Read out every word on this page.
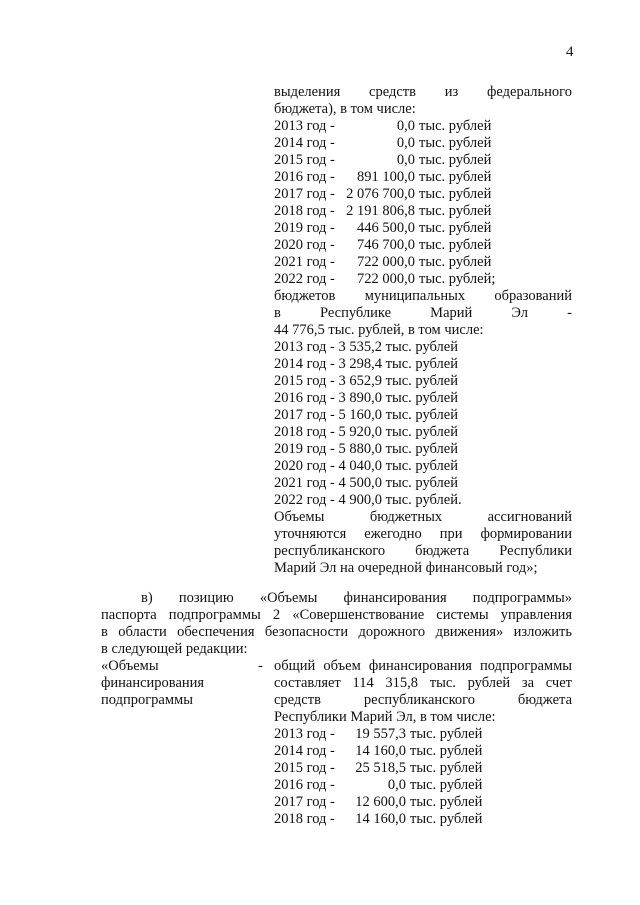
4
выделения средств из федерального
бюджета), в том числе:
2013 год -	0,0 тыс. рублей
2014 год -	0,0 тыс. рублей
2015 год -	0,0 тыс. рублей
2016 год -	891 100,0 тыс. рублей
2017 год - 2 076 700,0 тыс. рублей
2018 год - 2 191 806,8 тыс. рублей
2019 год -	446 500,0 тыс. рублей
2020 год -	746 700,0 тыс. рублей
2021 год -	722 000,0 тыс. рублей
2022 год -	722 000,0 тыс. рублей;
бюджетов муниципальных образований
в Республике Марий Эл -
44 776,5 тыс. рублей, в том числе:
2013 год - 3 535,2 тыс. рублей
2014 год - 3 298,4 тыс. рублей
2015 год - 3 652,9 тыс. рублей
2016 год - 3 890,0 тыс. рублей
2017 год - 5 160,0 тыс. рублей
2018 год - 5 920,0 тыс. рублей
2019 год - 5 880,0 тыс. рублей
2020 год - 4 040,0 тыс. рублей
2021 год - 4 500,0 тыс. рублей
2022 год - 4 900,0 тыс. рублей.
Объемы бюджетных ассигнований
уточняются ежегодно при формировании
республиканского бюджета Республики
Марий Эл на очередной финансовый год»;
в) позицию «Объемы финансирования подпрограммы»
паспорта подпрограммы 2 «Совершенствование системы управления
в области обеспечения безопасности дорожного движения» изложить
в следующей редакции:
«Объемы
финансирования
подпрограммы
- общий объем финансирования подпрограммы
составляет 114 315,8 тыс. рублей за счет
средств республиканского бюджета
Республики Марий Эл, в том числе:
2013 год -	19 557,3 тыс. рублей
2014 год -	14 160,0 тыс. рублей
2015 год -	25 518,5 тыс. рублей
2016 год -	0,0 тыс. рублей
2017 год -	12 600,0 тыс. рублей
2018 год -	14 160,0 тыс. рублей
